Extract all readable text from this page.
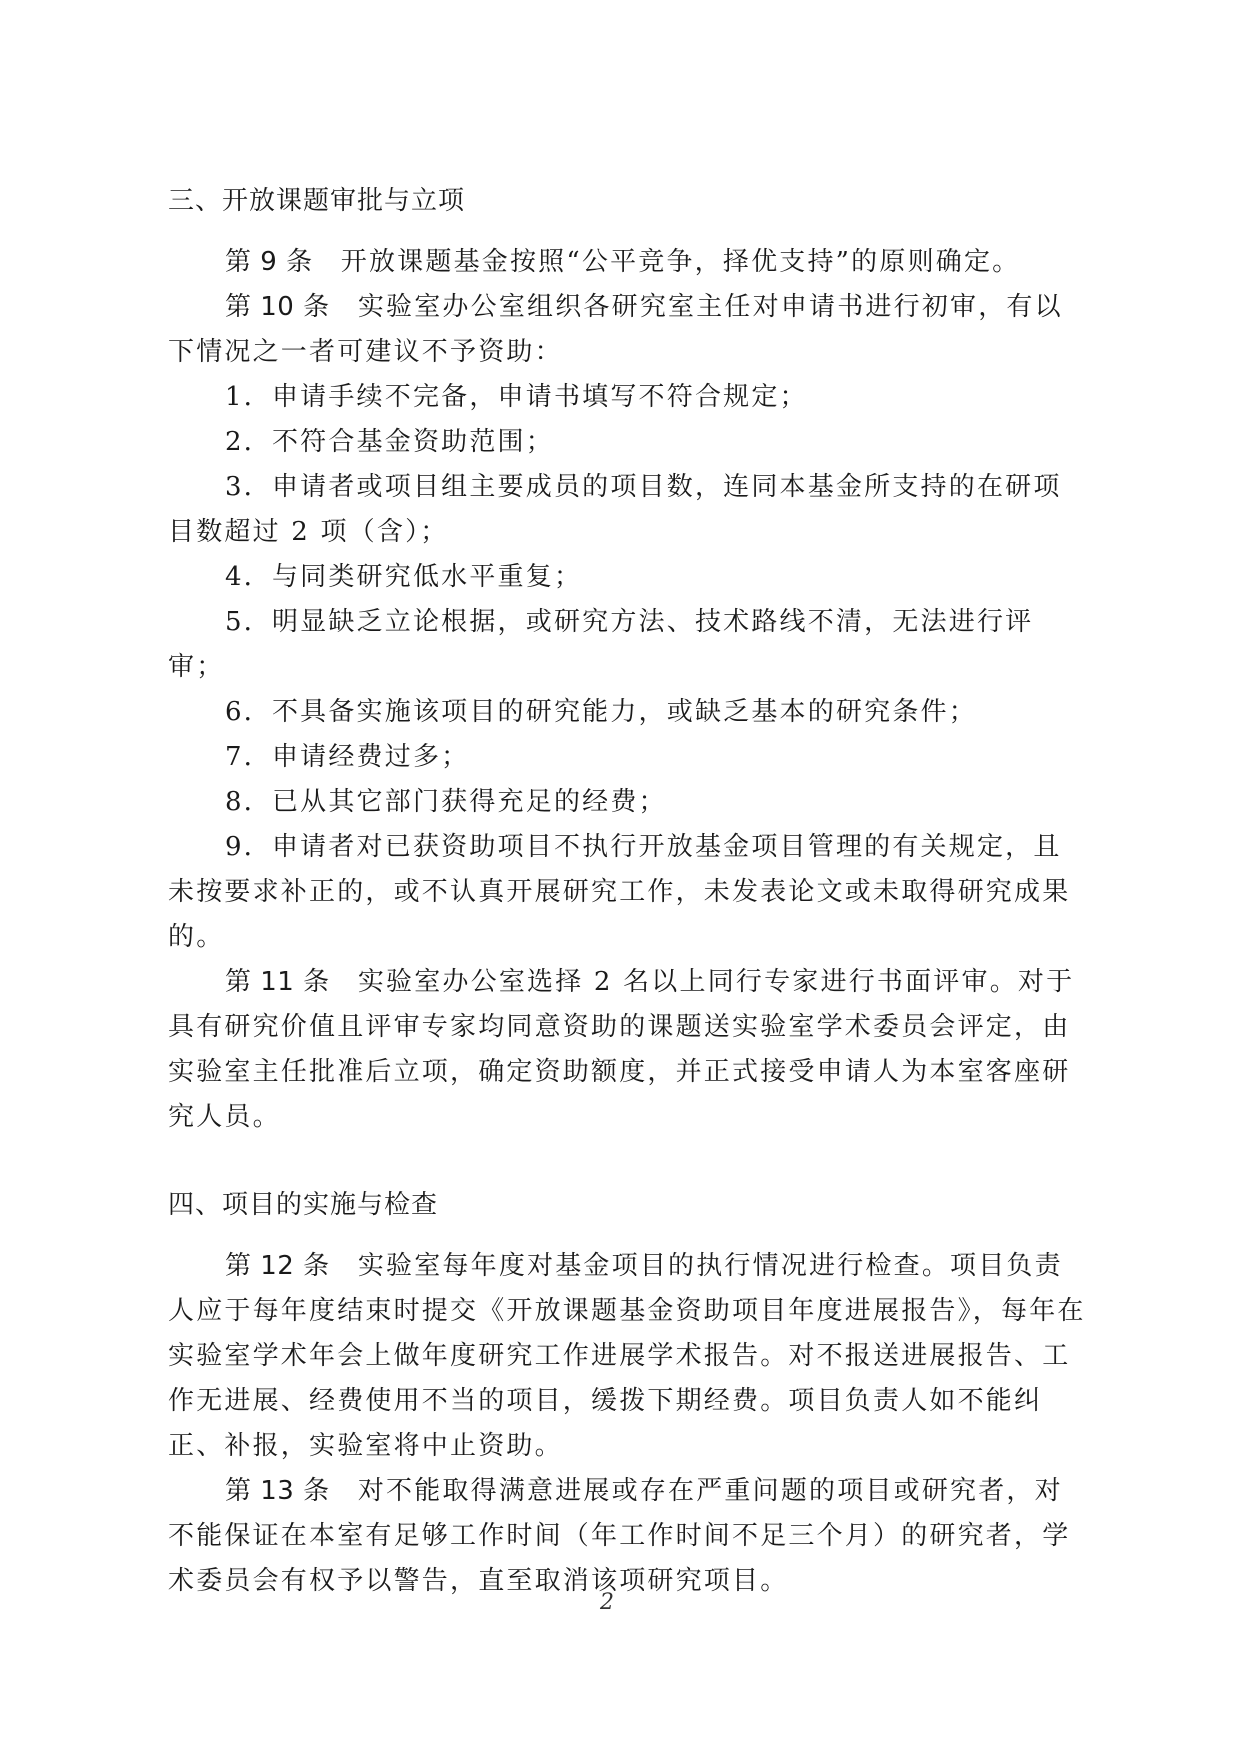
三、开放课题审批与立项

第 9 条　 开放课题基金按照“公平竞争，择优支持”的原则确定。

第 10 条　 实验室办公室组织各研究室主任对申请书进行初审，有以下情况之一者可建议不予资助：

1．申请手续不完备，申请书填写不符合规定；

2．不符合基金资助范围；

3．申请者或项目组主要成员的项目数，连同本基金所支持的在研项目数超过 2 项（含）；

4．与同类研究低水平重复；

5．明显缺乏立论根据，或研究方法、技术路线不清，无法进行评审；

6．不具备实施该项目的研究能力，或缺乏基本的研究条件；

7．申请经费过多；

8．已从其它部门获得充足的经费；

9．申请者对已获资助项目不执行开放基金项目管理的有关规定，且未按要求补正的，或不认真开展研究工作，未发表论文或未取得研究成果的。

第 11 条　 实验室办公室选择 2 名以上同行专家进行书面评审。对于具有研究价值且评审专家均同意资助的课题送实验室学术委员会评定，由实验室主任批准后立项，确定资助额度，并正式接受申请人为本室客座研究人员。

四、项目的实施与检查

第 12 条　 实验室每年度对基金项目的执行情况进行检查。项目负责人应于每年度结束时提交《开放课题基金资助项目年度进展报告》，每年在实验室学术年会上做年度研究工作进展学术报告。对不报送进展报告、工作无进展、经费使用不当的项目，缓拨下期经费。项目负责人如不能纠正、补报，实验室将中止资助。

第 13 条　 对不能取得满意进展或存在严重问题的项目或研究者，对不能保证在本室有足够工作时间（年工作时间不足三个月）的研究者，学术委员会有权予以警告，直至取消该项研究项目。

2
